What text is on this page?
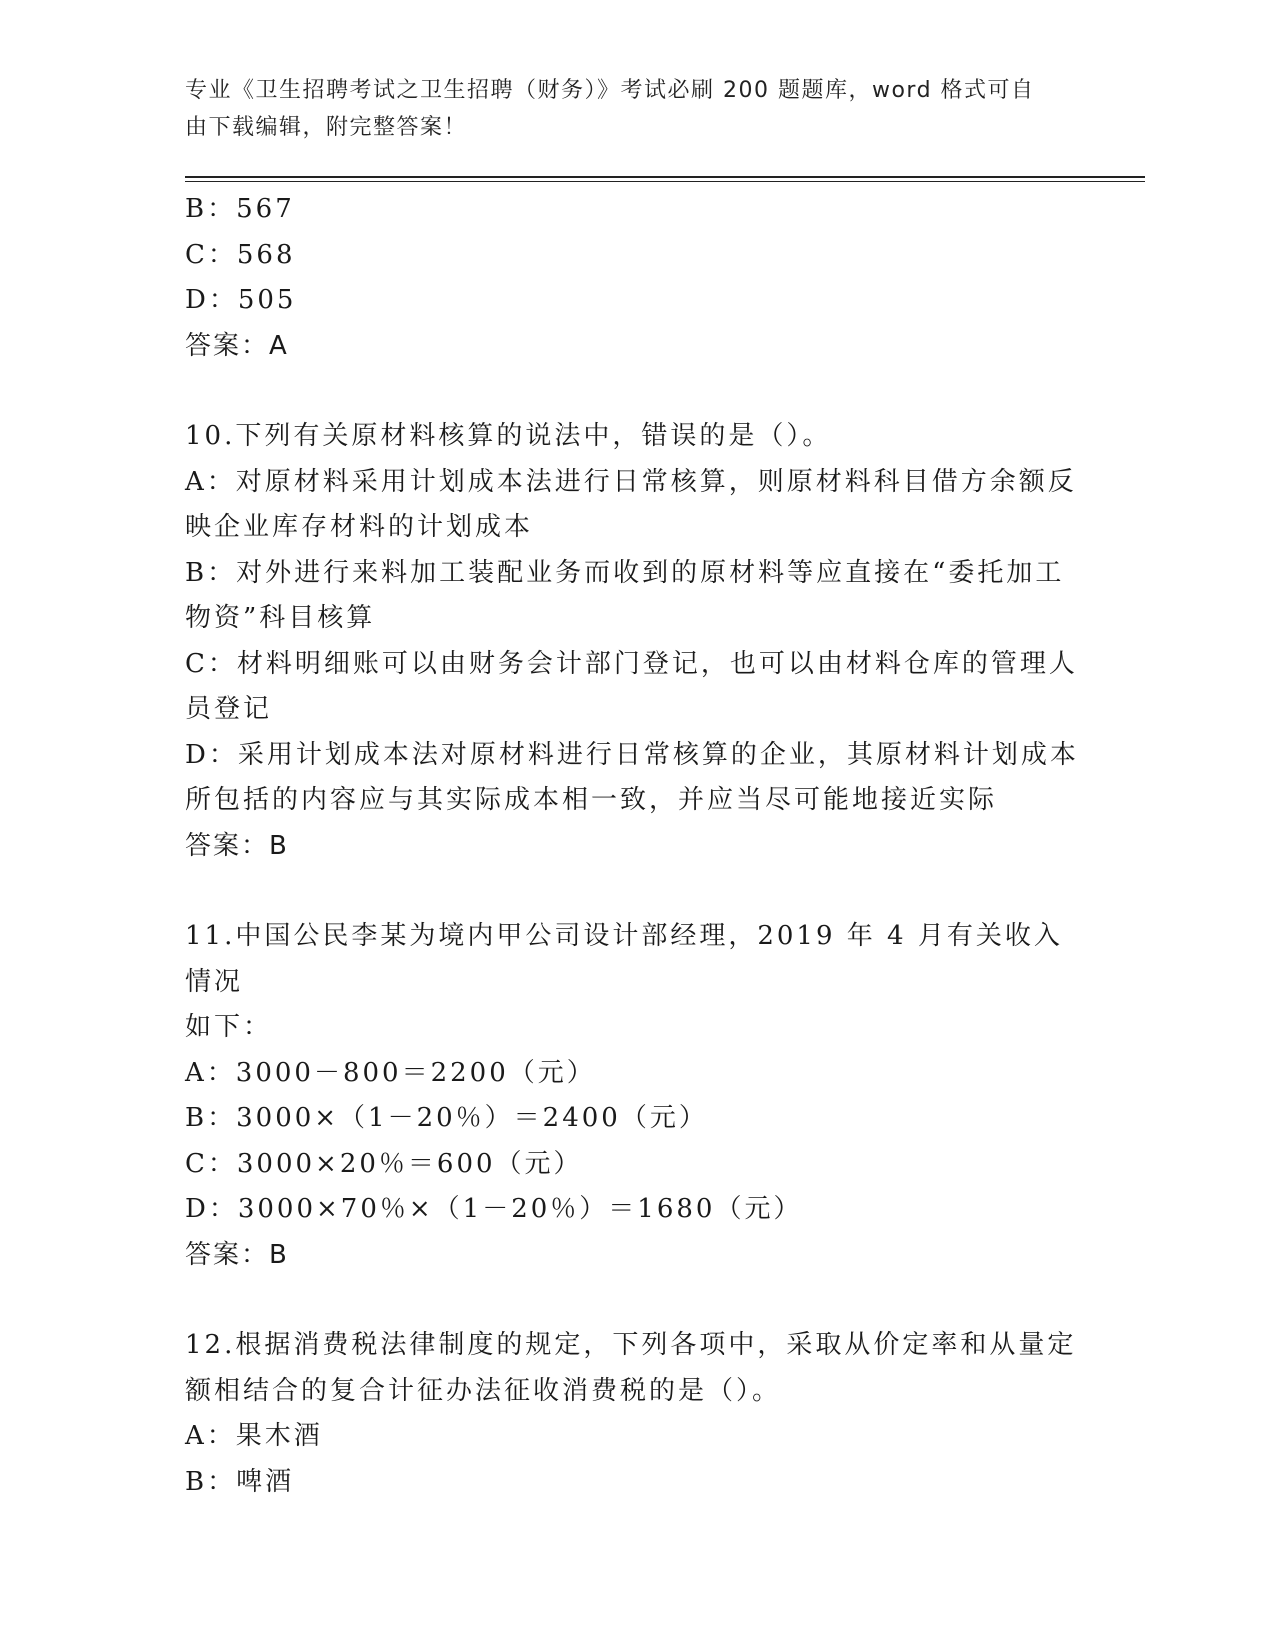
专业《卫生招聘考试之卫生招聘（财务）》考试必刷 200 题题库，word 格式可自
由下载编辑，附完整答案！
B：567
C：568
D：505
答案：A
10.下列有关原材料核算的说法中，错误的是（）。
A：对原材料采用计划成本法进行日常核算，则原材料科目借方余额反
映企业库存材料的计划成本
B：对外进行来料加工装配业务而收到的原材料等应直接在“委托加工
物资”科目核算
C：材料明细账可以由财务会计部门登记，也可以由材料仓库的管理人
员登记
D：采用计划成本法对原材料进行日常核算的企业，其原材料计划成本
所包括的内容应与其实际成本相一致，并应当尽可能地接近实际
答案：B
11.中国公民李某为境内甲公司设计部经理，2019 年 4 月有关收入情况
如下：
A：3000－800＝2200（元）
B：3000×（1－20％）＝2400（元）
C：3000×20％＝600（元）
D：3000×70％×（1－20％）＝1680（元）
答案：B
12.根据消费税法律制度的规定，下列各项中，采取从价定率和从量定
额相结合的复合计征办法征收消费税的是（）。
A：果木酒
B：啤酒
